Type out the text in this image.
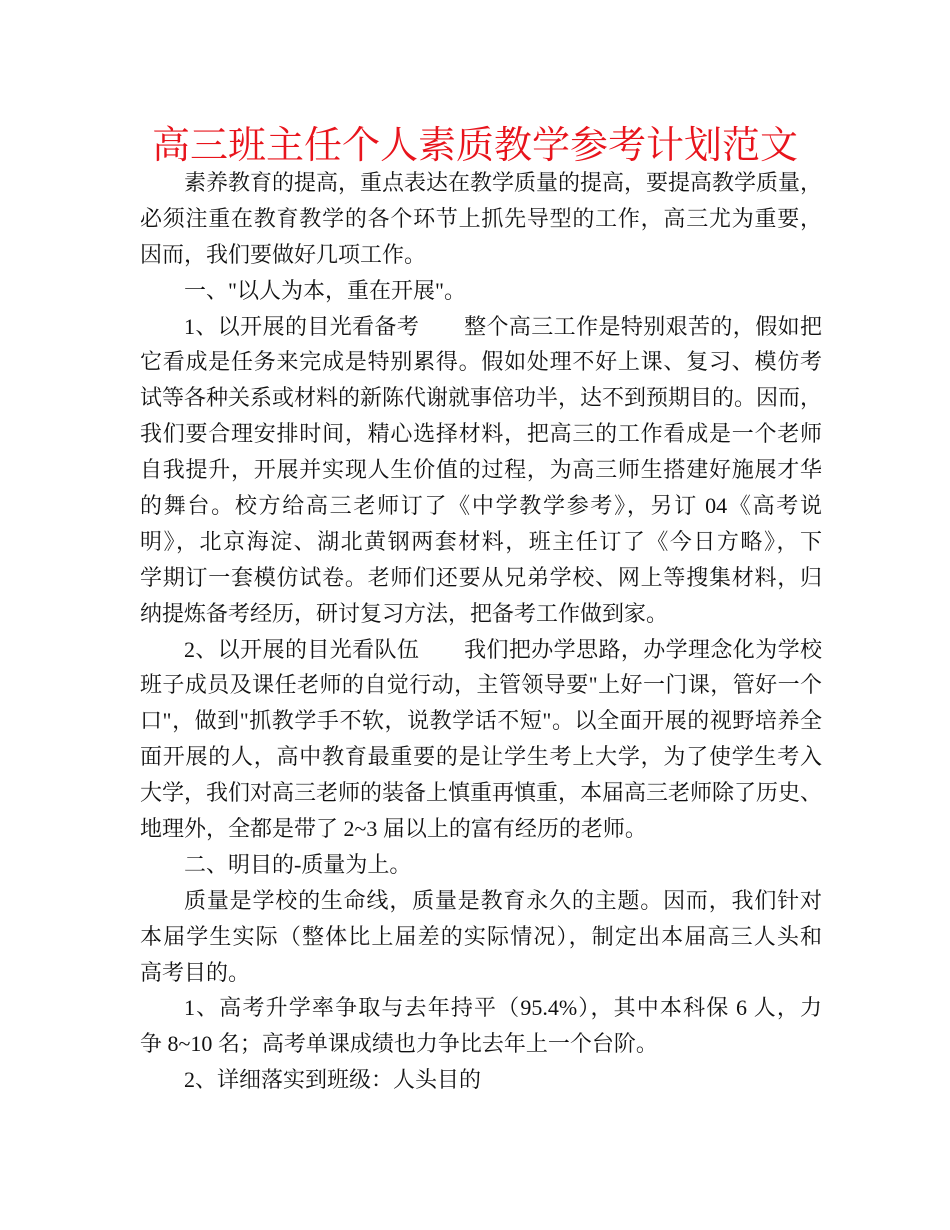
高三班主任个人素质教学参考计划范文
素养教育的提高，重点表达在教学质量的提高，要提高教学质量，
必须注重在教育教学的各个环节上抓先导型的工作，高三尤为重要，
因而，我们要做好几项工作。
一、"以人为本，重在开展"。
1、以开展的目光看备考　　整个高三工作是特别艰苦的，假如把
它看成是任务来完成是特别累得。假如处理不好上课、复习、模仿考
试等各种关系或材料的新陈代谢就事倍功半，达不到预期目的。因而，
我们要合理安排时间，精心选择材料，把高三的工作看成是一个老师
自我提升，开展并实现人生价值的过程，为高三师生搭建好施展才华
的舞台。校方给高三老师订了《中学教学参考》，另订 04《高考说
明》，北京海淀、湖北黄钢两套材料，班主任订了《今日方略》，下
学期订一套模仿试卷。老师们还要从兄弟学校、网上等搜集材料，归
纳提炼备考经历，研讨复习方法，把备考工作做到家。
2、以开展的目光看队伍　　我们把办学思路，办学理念化为学校
班子成员及课任老师的自觉行动，主管领导要"上好一门课，管好一个
口"，做到"抓教学手不软，说教学话不短"。以全面开展的视野培养全
面开展的人，高中教育最重要的是让学生考上大学，为了使学生考入
大学，我们对高三老师的装备上慎重再慎重，本届高三老师除了历史、
地理外，全都是带了 2~3 届以上的富有经历的老师。
二、明目的-质量为上。
质量是学校的生命线，质量是教育永久的主题。因而，我们针对
本届学生实际（整体比上届差的实际情况），制定出本届高三人头和
高考目的。
1、高考升学率争取与去年持平（95.4%），其中本科保 6 人，力
争 8~10 名；高考单课成绩也力争比去年上一个台阶。
2、详细落实到班级：人头目的
